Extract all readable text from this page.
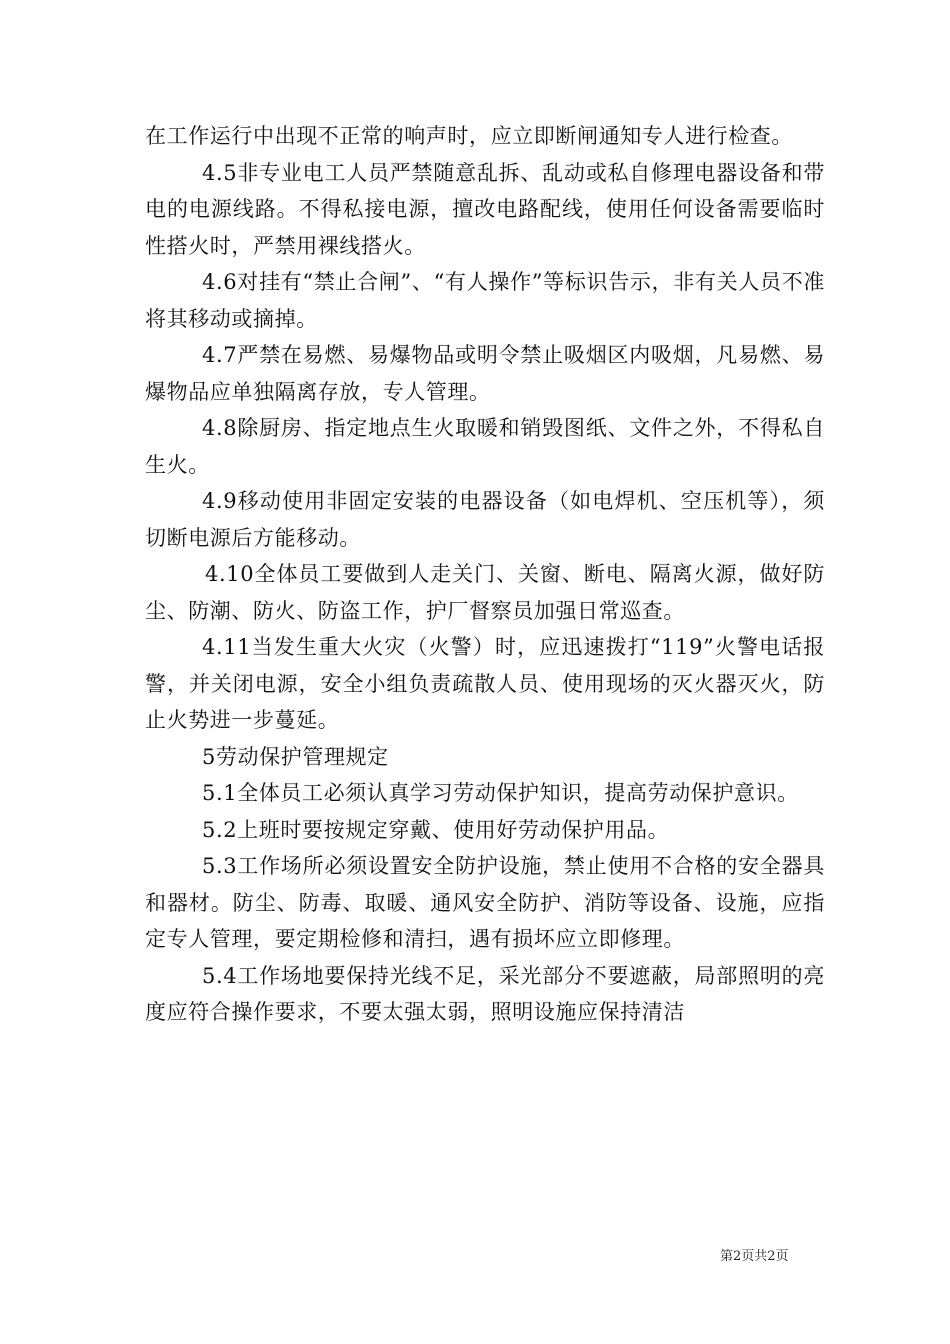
在工作运行中出现不正常的响声时，应立即断闸通知专人进行检查。

4.5非专业电工人员严禁随意乱拆、乱动或私自修理电器设备和带电的电源线路。不得私接电源，擅改电路配线，使用任何设备需要临时性搭火时，严禁用裸线搭火。

4.6对挂有“禁止合闸”、“有人操作”等标识告示，非有关人员不准将其移动或摘掉。

4.7严禁在易燃、易爆物品或明令禁止吸烟区内吸烟，凡易燃、易爆物品应单独隔离存放，专人管理。

4.8除厨房、指定地点生火取暖和销毁图纸、文件之外，不得私自生火。

4.9移动使用非固定安装的电器设备（如电焊机、空压机等），须切断电源后方能移动。

4.10全体员工要做到人走关门、关窗、断电、隔离火源，做好防尘、防潮、防火、防盗工作，护厂督察员加强日常巡查。

4.11当发生重大火灾（火警）时，应迅速拨打“119”火警电话报警，并关闭电源，安全小组负责疏散人员、使用现场的灭火器灭火，防止火势进一步蔓延。

5劳动保护管理规定

5.1全体员工必须认真学习劳动保护知识，提高劳动保护意识。

5.2上班时要按规定穿戴、使用好劳动保护用品。

5.3工作场所必须设置安全防护设施，禁止使用不合格的安全器具和器材。防尘、防毒、取暖、通风安全防护、消防等设备、设施，应指定专人管理，要定期检修和清扫，遇有损坏应立即修理。

5.4工作场地要保持光线不足，采光部分不要遮蔽，局部照明的亮度应符合操作要求，不要太强太弱，照明设施应保持清洁

第2页共2页
